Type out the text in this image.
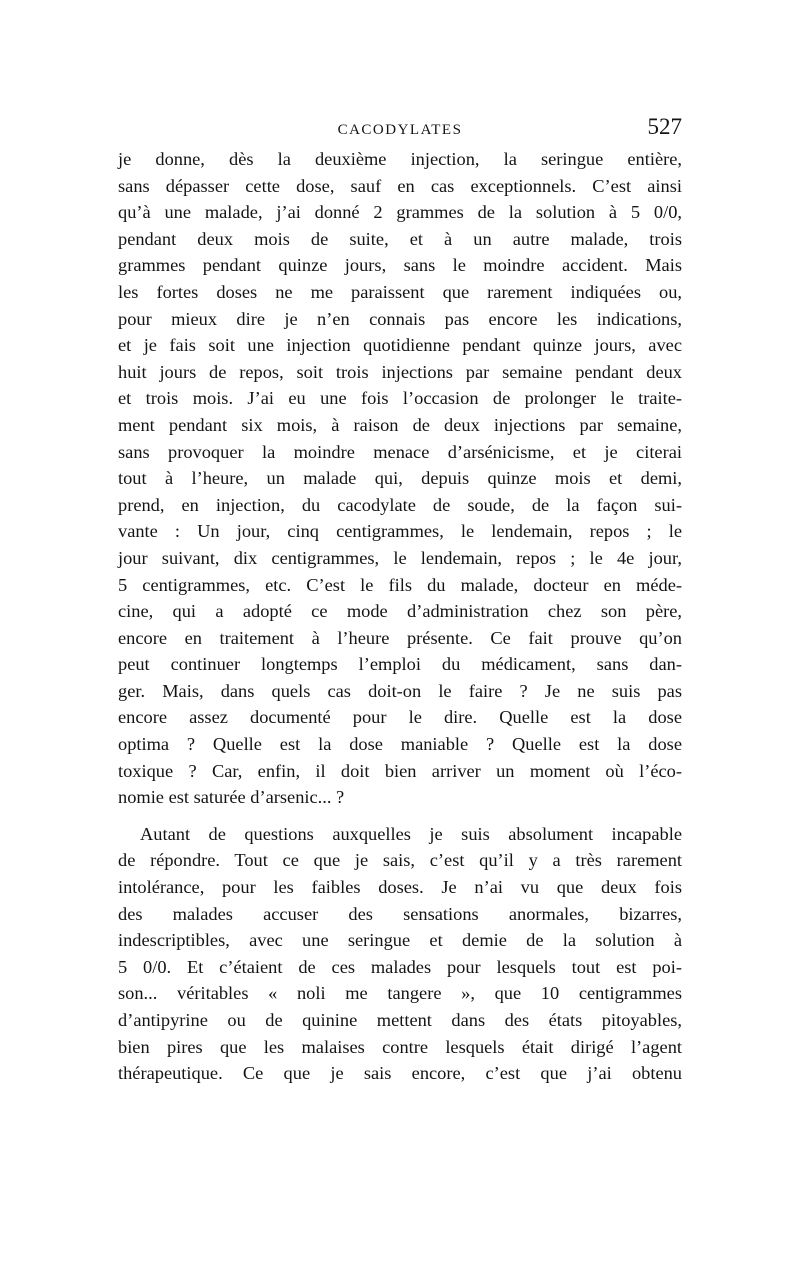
CACODYLATES	527

je donne, dès la deuxième injection, la seringue entière,
sans dépasser cette dose, sauf en cas exceptionnels. C’est ainsi
qu’à une malade, j’ai donné 2 grammes de la solution à 5 0/0,
pendant deux mois de suite, et à un autre malade, trois
grammes pendant quinze jours, sans le moindre accident. Mais
les fortes doses ne me paraissent que rarement indiquées ou,
pour mieux dire je n’en connais pas encore les indications,
et je fais soit une injection quotidienne pendant quinze jours, avec
huit jours de repos, soit trois injections par semaine pendant deux
et trois mois. J’ai eu une fois l’occasion de prolonger le traite-
ment pendant six mois, à raison de deux injections par semaine,
sans provoquer la moindre menace d’arsénicisme, et je citerai
tout à l’heure, un malade qui, depuis quinze mois et demi,
prend, en injection, du cacodylate de soude, de la façon sui-
vante : Un jour, cinq centigrammes, le lendemain, repos ; le
jour suivant, dix centigrammes, le lendemain, repos ; le 4e jour,
5 centigrammes, etc. C’est le fils du malade, docteur en méde-
cine, qui a adopté ce mode d’administration chez son père,
encore en traitement à l’heure présente. Ce fait prouve qu’on
peut continuer longtemps l’emploi du médicament, sans dan-
ger. Mais, dans quels cas doit-on le faire ? Je ne suis pas
encore assez documenté pour le dire. Quelle est la dose
optima ? Quelle est la dose maniable ? Quelle est la dose
toxique ? Car, enfin, il doit bien arriver un moment où l’éco-
nomie est saturée d’arsenic... ?

Autant de questions auxquelles je suis absolument incapable
de répondre. Tout ce que je sais, c’est qu’il y a très rarement
intolérance, pour les faibles doses. Je n’ai vu que deux fois
des malades accuser des sensations anormales, bizarres,
indescriptibles, avec une seringue et demie de la solution à
5 0/0. Et c’étaient de ces malades pour lesquels tout est poi-
son... véritables « noli me tangere », que 10 centigrammes
d’antipyrine ou de quinine mettent dans des états pitoyables,
bien pires que les malaises contre lesquels était dirigé l’agent
thérapeutique. Ce que je sais encore, c’est que j’ai obtenu
